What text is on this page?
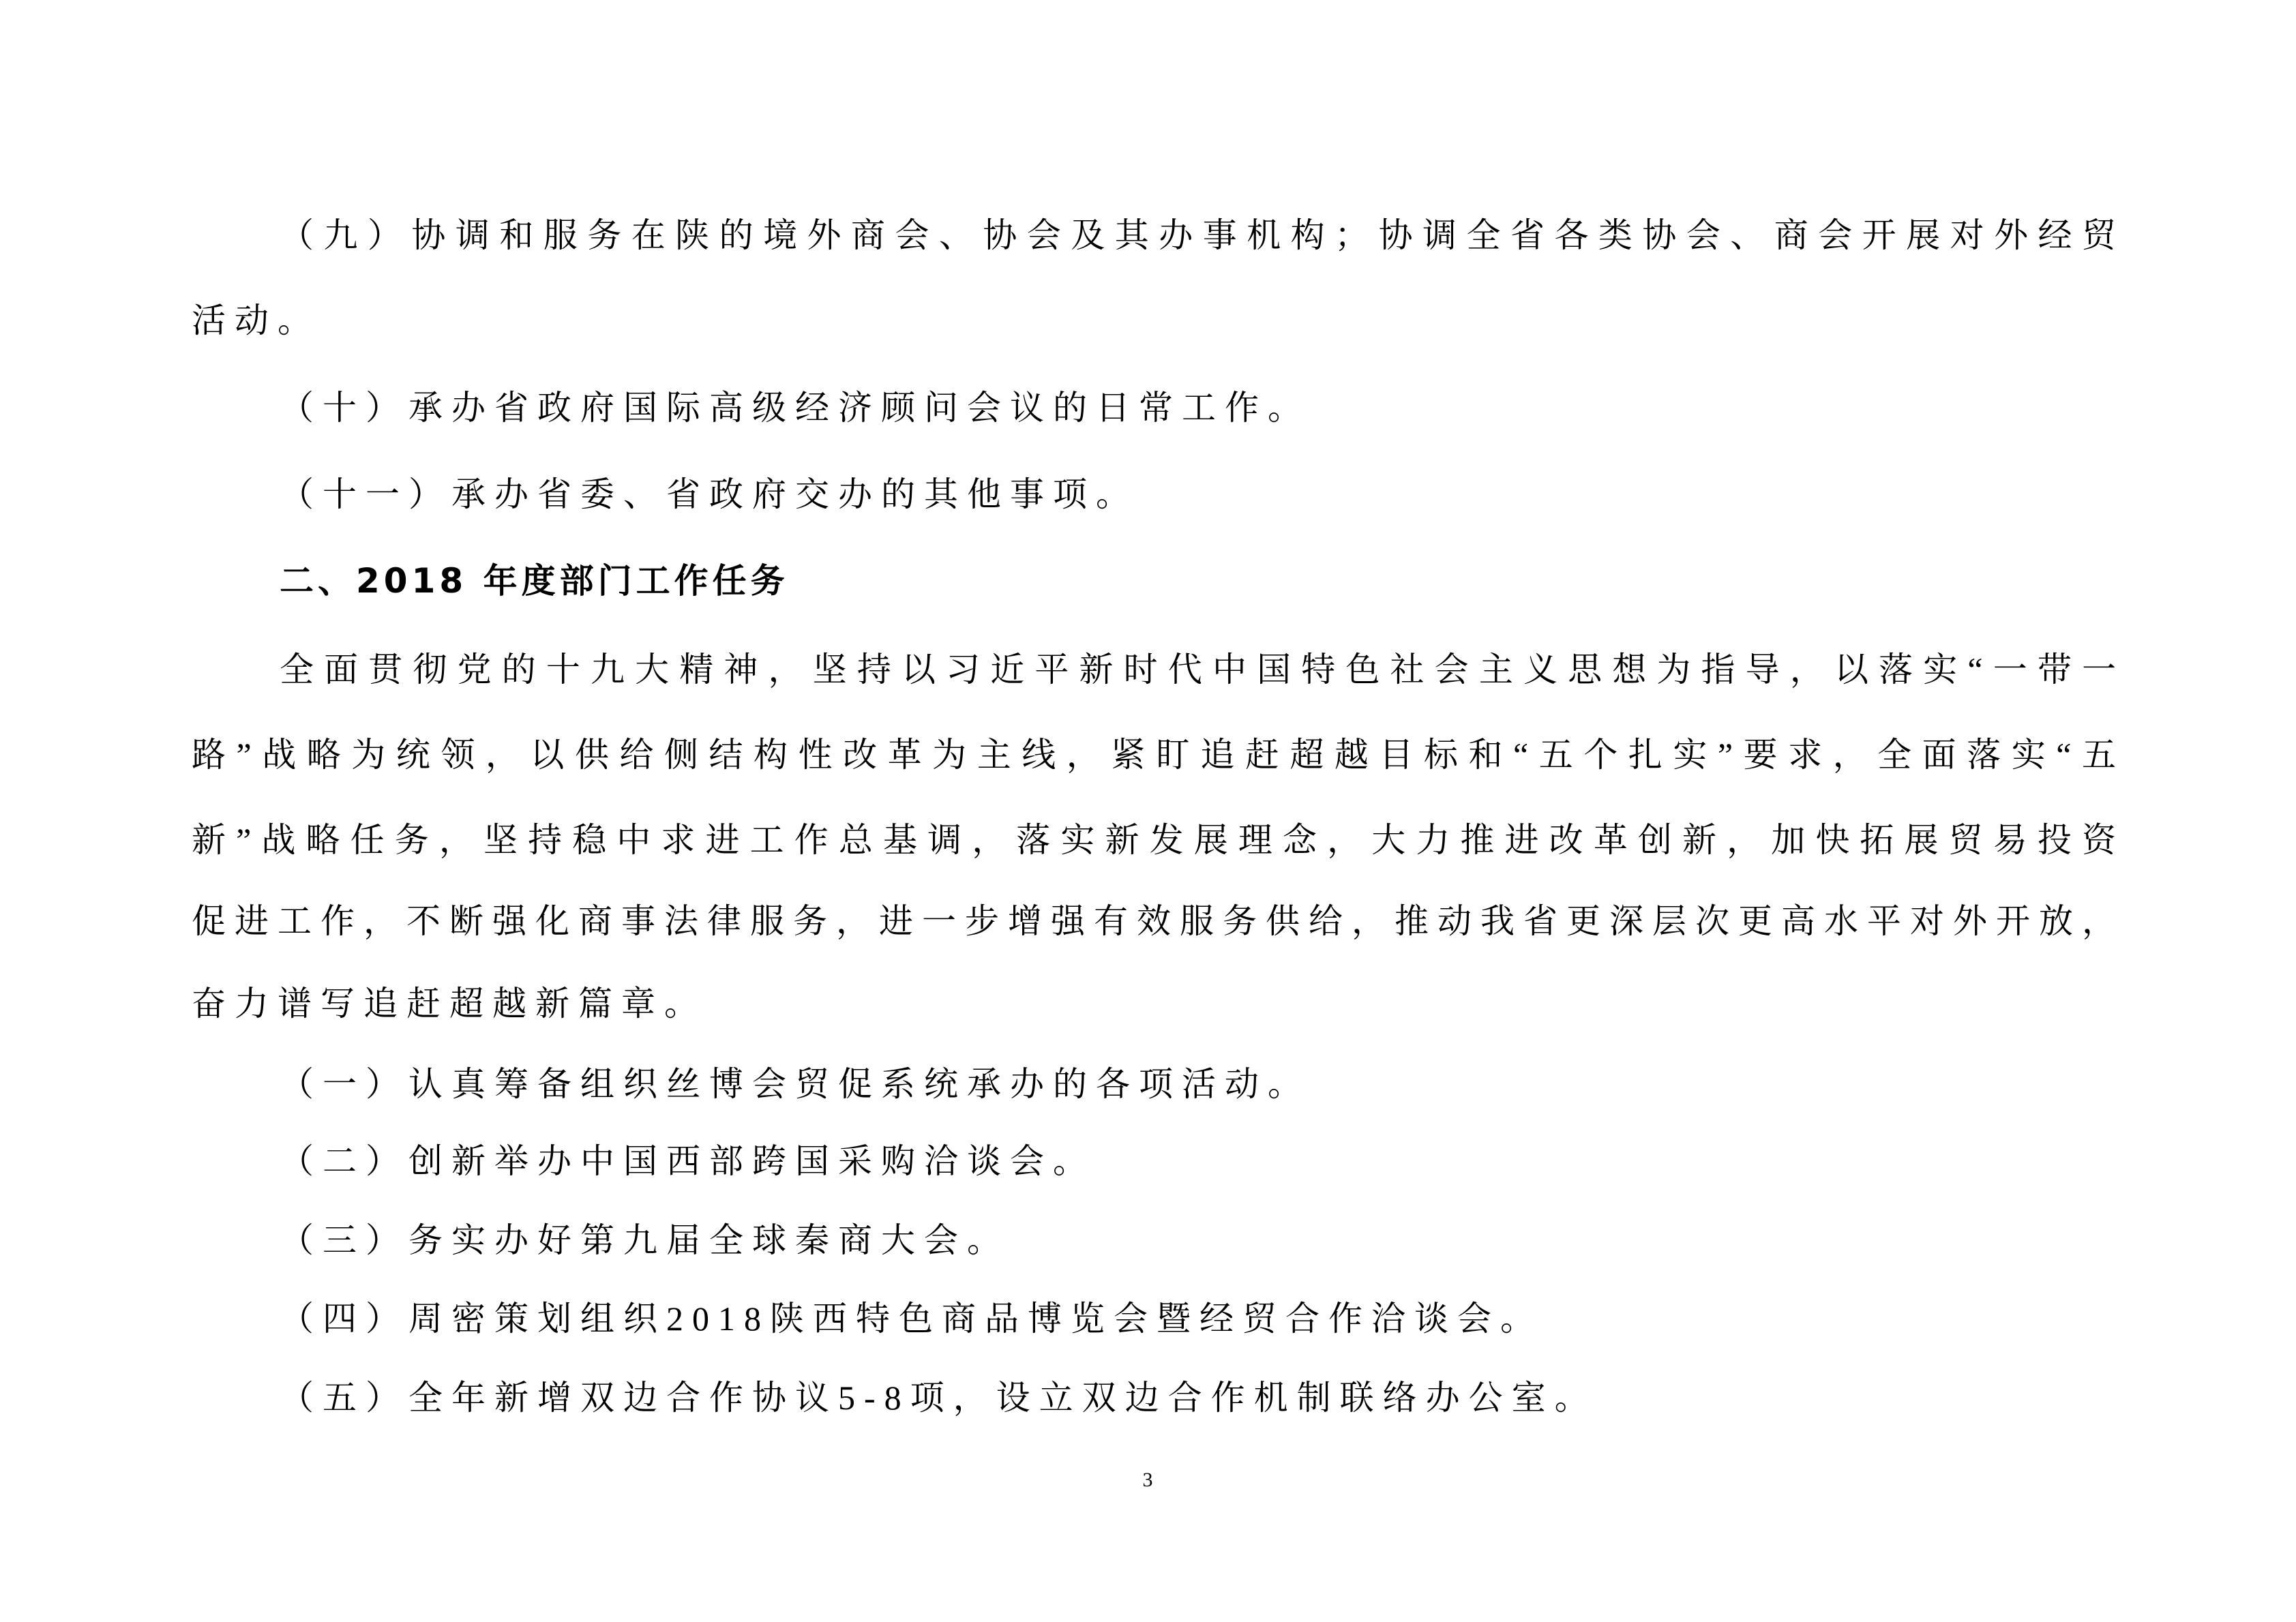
（九）协调和服务在陕的境外商会、协会及其办事机构；协调全省各类协会、商会开展对外经贸
活动。
（十）承办省政府国际高级经济顾问会议的日常工作。
（十一）承办省委、省政府交办的其他事项。
二、2018 年度部门工作任务
全面贯彻党的十九大精神，坚持以习近平新时代中国特色社会主义思想为指导，以落实“一带一
路”战略为统领，以供给侧结构性改革为主线，紧盯追赶超越目标和“五个扎实”要求，全面落实“五
新”战略任务，坚持稳中求进工作总基调，落实新发展理念，大力推进改革创新，加快拓展贸易投资
促进工作，不断强化商事法律服务，进一步增强有效服务供给，推动我省更深层次更高水平对外开放，
奋力谱写追赶超越新篇章。
（一）认真筹备组织丝博会贸促系统承办的各项活动。
（二）创新举办中国西部跨国采购洽谈会。
（三）务实办好第九届全球秦商大会。
（四）周密策划组织2018陕西特色商品博览会暨经贸合作洽谈会。
（五）全年新增双边合作协议5-8项，设立双边合作机制联络办公室。
3
